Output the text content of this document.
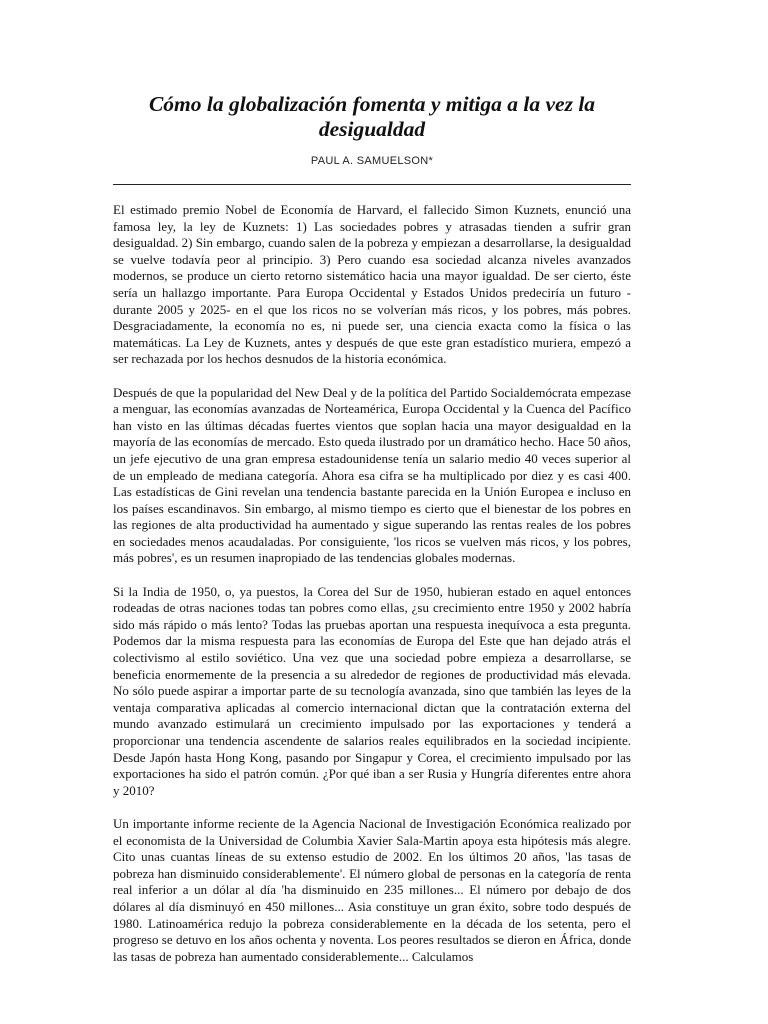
Cómo la globalización fomenta y mitiga a la vez la desigualdad
PAUL A. SAMUELSON*

El estimado premio Nobel de Economía de Harvard, el fallecido Simon Kuznets, enunció una famosa ley, la ley de Kuznets: 1) Las sociedades pobres y atrasadas tienden a sufrir gran desigualdad. 2) Sin embargo, cuando salen de la pobreza y empiezan a desarrollarse, la desigualdad se vuelve todavía peor al principio. 3) Pero cuando esa sociedad alcanza niveles avanzados modernos, se produce un cierto retorno sistemático hacia una mayor igualdad. De ser cierto, éste sería un hallazgo importante. Para Europa Occidental y Estados Unidos predeciría un futuro -durante 2005 y 2025- en el que los ricos no se volverían más ricos, y los pobres, más pobres. Desgraciadamente, la economía no es, ni puede ser, una ciencia exacta como la física o las matemáticas. La Ley de Kuznets, antes y después de que este gran estadístico muriera, empezó a ser rechazada por los hechos desnudos de la historia económica.

Después de que la popularidad del New Deal y de la política del Partido Socialdemócrata empezase a menguar, las economías avanzadas de Norteamérica, Europa Occidental y la Cuenca del Pacífico han visto en las últimas décadas fuertes vientos que soplan hacia una mayor desigualdad en la mayoría de las economías de mercado. Esto queda ilustrado por un dramático hecho. Hace 50 años, un jefe ejecutivo de una gran empresa estadounidense tenía un salario medio 40 veces superior al de un empleado de mediana categoría. Ahora esa cifra se ha multiplicado por diez y es casi 400. Las estadísticas de Gini revelan una tendencia bastante parecida en la Unión Europea e incluso en los países escandinavos. Sin embargo, al mismo tiempo es cierto que el bienestar de los pobres en las regiones de alta productividad ha aumentado y sigue superando las rentas reales de los pobres en sociedades menos acaudaladas. Por consiguiente, 'los ricos se vuelven más ricos, y los pobres, más pobres', es un resumen inapropiado de las tendencias globales modernas.

Si la India de 1950, o, ya puestos, la Corea del Sur de 1950, hubieran estado en aquel entonces rodeadas de otras naciones todas tan pobres como ellas, ¿su crecimiento entre 1950 y 2002 habría sido más rápido o más lento? Todas las pruebas aportan una respuesta inequívoca a esta pregunta. Podemos dar la misma respuesta para las economías de Europa del Este que han dejado atrás el colectivismo al estilo soviético. Una vez que una sociedad pobre empieza a desarrollarse, se beneficia enormemente de la presencia a su alrededor de regiones de productividad más elevada. No sólo puede aspirar a importar parte de su tecnología avanzada, sino que también las leyes de la ventaja comparativa aplicadas al comercio internacional dictan que la contratación externa del mundo avanzado estimulará un crecimiento impulsado por las exportaciones y tenderá a proporcionar una tendencia ascendente de salarios reales equilibrados en la sociedad incipiente. Desde Japón hasta Hong Kong, pasando por Singapur y Corea, el crecimiento impulsado por las exportaciones ha sido el patrón común. ¿Por qué iban a ser Rusia y Hungría diferentes entre ahora y 2010?

Un importante informe reciente de la Agencia Nacional de Investigación Económica realizado por el economista de la Universidad de Columbia Xavier Sala-Martin apoya esta hipótesis más alegre. Cito unas cuantas líneas de su extenso estudio de 2002. En los últimos 20 años, 'las tasas de pobreza han disminuido considerablemente'. El número global de personas en la categoría de renta real inferior a un dólar al día 'ha disminuido en 235 millones... El número por debajo de dos dólares al día disminuyó en 450 millones... Asia constituye un gran éxito, sobre todo después de 1980. Latinoamérica redujo la pobreza considerablemente en la década de los setenta, pero el progreso se detuvo en los años ochenta y noventa. Los peores resultados se dieron en África, donde las tasas de pobreza han aumentado considerablemente... Calculamos
